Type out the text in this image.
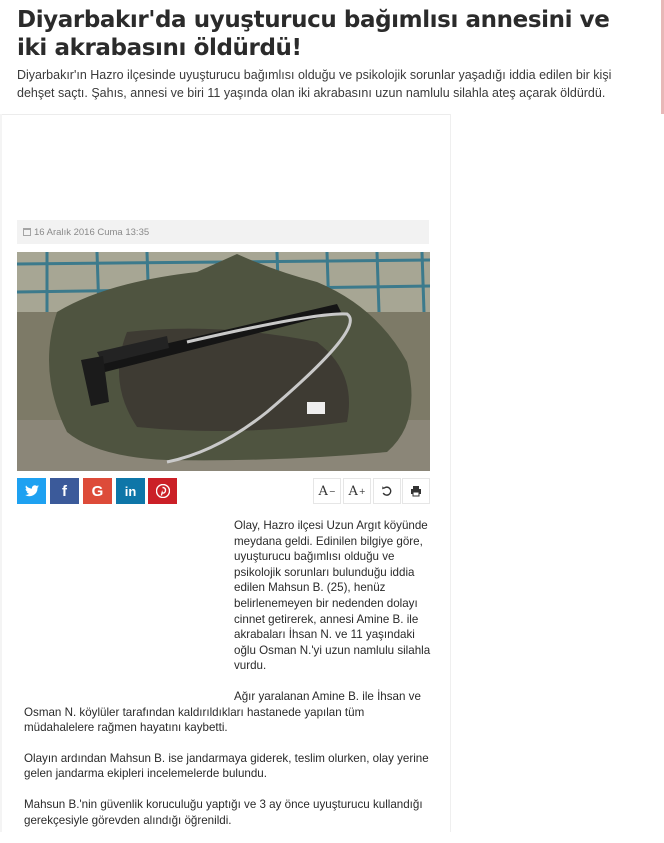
Diyarbakır'da uyuşturucu bağımlısı annesini ve iki akrabasını öldürdü!

Diyarbakır'ın Hazro ilçesinde uyuşturucu bağımlısı olduğu ve psikolojik sorunlar yaşadığı iddia edilen bir kişi dehşet saçtı. Şahıs, annesi ve biri 11 yaşında olan iki akrabasını uzun namlulu silahla ateş açarak öldürdü.

16 Aralık 2016 Cuma 13:35
f G in	A − A +

Olay, Hazro ilçesi Uzun Argıt köyünde meydana geldi. Edinilen bilgiye göre, uyuşturucu bağımlısı olduğu ve psikolojik sorunları bulunduğu iddia edilen Mahsun B. (25), henüz belirlenemeyen bir nedenden dolayı cinnet getirerek, annesi Amine B. ile akrabaları İhsan N. ve 11 yaşındaki oğlu Osman N.'yi uzun namlulu silahla vurdu.

Ağır yaralanan Amine B. ile İhsan ve Osman N. köylüler tarafından kaldırıldıkları hastanede yapılan tüm müdahalelere rağmen hayatını kaybetti.

Olayın ardından Mahsun B. ise jandarmaya giderek, teslim olurken, olay yerine gelen jandarma ekipleri incelemelerde bulundu.

Mahsun B.'nin güvenlik koruculuğu yaptığı ve 3 ay önce uyuşturucu kullandığı gerekçesiyle görevden alındığı öğrenildi.
